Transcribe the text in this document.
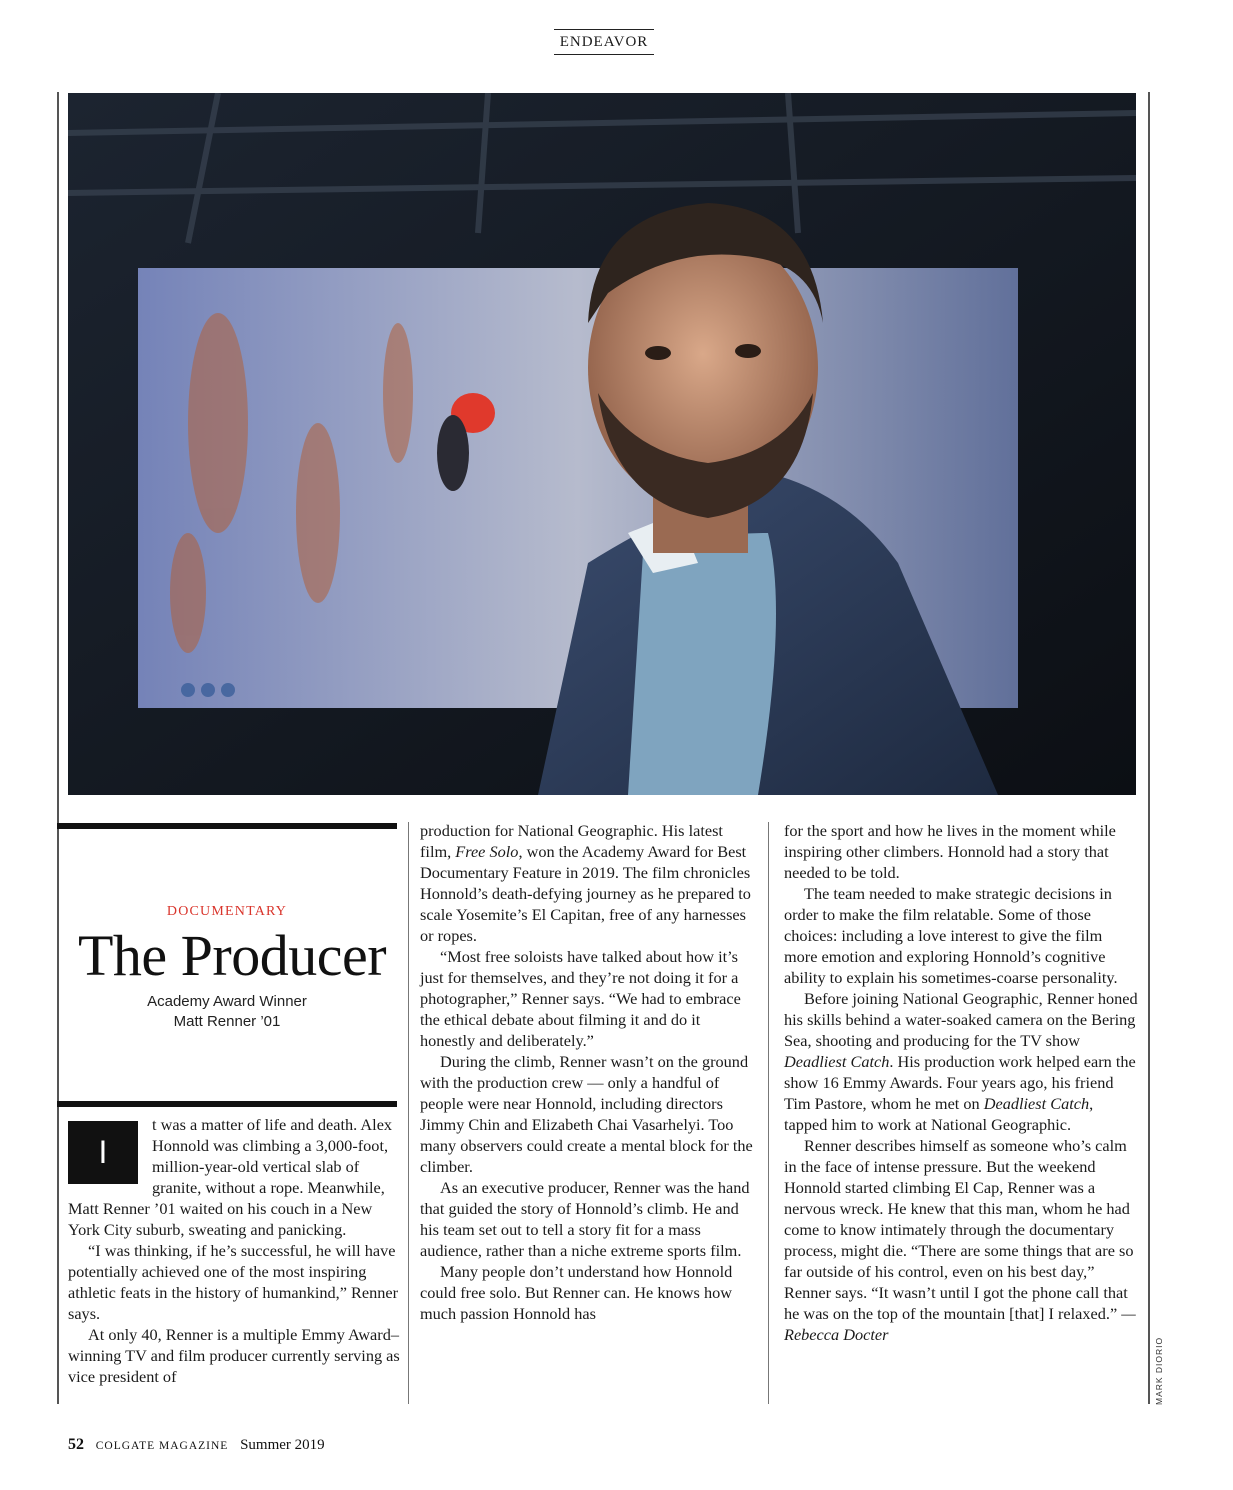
ENDEAVOR
DOCUMENTARY
The Producer
Academy Award Winner
Matt Renner ’01

I
t was a matter of life and death. Alex Honnold was climbing a 3,000-foot, million-year-old vertical slab of granite, without a rope. Meanwhile, Matt Renner ’01 waited on his couch in a New York City suburb, sweating and panicking.

“I was thinking, if he’s successful, he will have potentially achieved one of the most inspiring athletic feats in the history of humankind,” Renner says.

At only 40, Renner is a multiple Emmy Award–winning TV and film producer currently serving as vice president of

production for National Geographic. His latest film, Free Solo, won the Academy Award for Best Documentary Feature in 2019. The film chronicles Honnold’s death-defying journey as he prepared to scale Yosemite’s El Capitan, free of any harnesses or ropes.

“Most free soloists have talked about how it’s just for themselves, and they’re not doing it for a photographer,” Renner says. “We had to embrace the ethical debate about filming it and do it honestly and deliberately.”

During the climb, Renner wasn’t on the ground with the production crew — only a handful of people were near Honnold, including directors Jimmy Chin and Elizabeth Chai Vasarhelyi. Too many observers could create a mental block for the climber.

As an executive producer, Renner was the hand that guided the story of Honnold’s climb. He and his team set out to tell a story fit for a mass audience, rather than a niche extreme sports film.

Many people don’t understand how Honnold could free solo. But Renner can. He knows how much passion Honnold has

for the sport and how he lives in the moment while inspiring other climbers. Honnold had a story that needed to be told.

The team needed to make strategic decisions in order to make the film relatable. Some of those choices: including a love interest to give the film more emotion and exploring Honnold’s cognitive ability to explain his sometimes-coarse personality.

Before joining National Geographic, Renner honed his skills behind a water-soaked camera on the Bering Sea, shooting and producing for the TV show Deadliest Catch. His production work helped earn the show 16 Emmy Awards. Four years ago, his friend Tim Pastore, whom he met on Deadliest Catch, tapped him to work at National Geographic.

Renner describes himself as someone who’s calm in the face of intense pressure. But the weekend Honnold started climbing El Cap, Renner was a nervous wreck. He knew that this man, whom he had come to know intimately through the documentary process, might die. “There are some things that are so far outside of his control, even on his best day,” Renner says. “It wasn’t until I got the phone call that he was on the top of the mountain [that] I relaxed.” — Rebecca Docter

MARK DIORIO
52 COLGATE MAGAZINE Summer 2019
